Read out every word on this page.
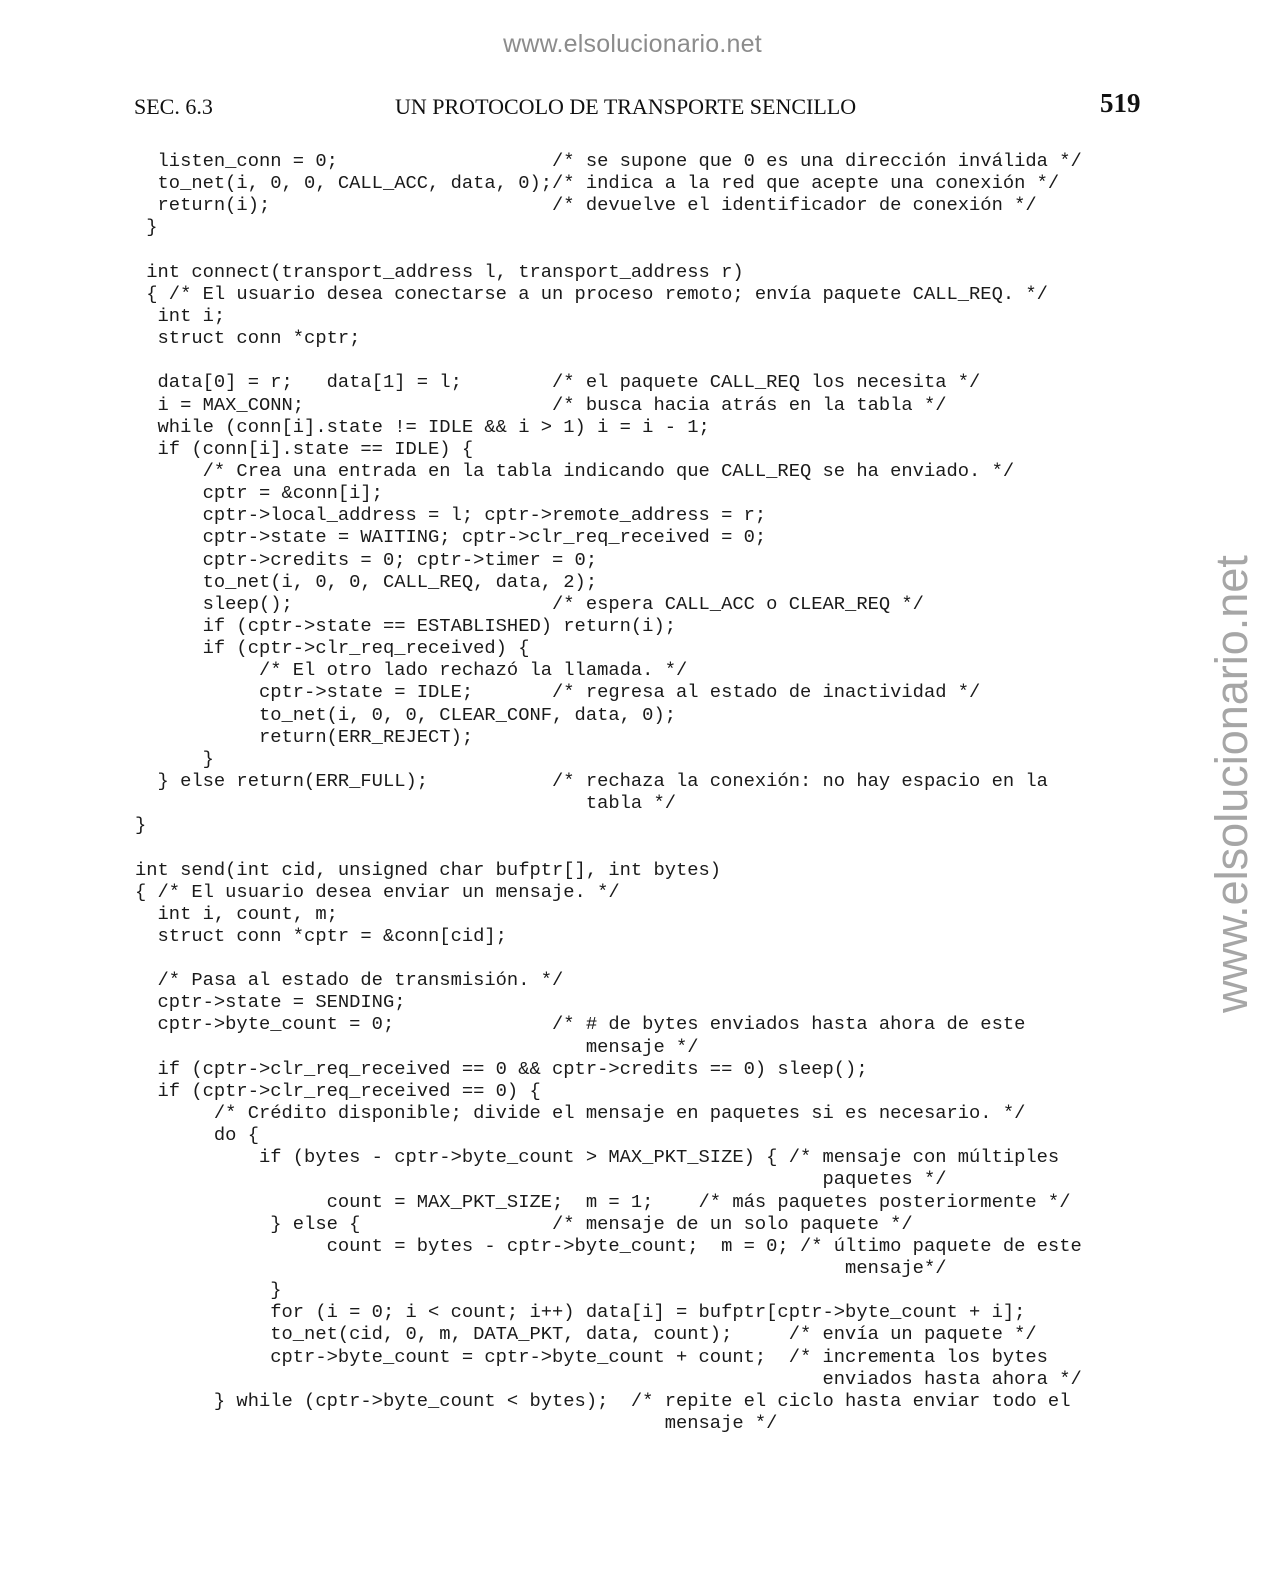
www.elsolucionario.net
www.elsolucionario.net
SEC. 6.3	UN PROTOCOLO DE TRANSPORTE SENCILLO	519
listen_conn = 0;                   /* se supone que 0 es una dirección inválida */
to_net(i, 0, 0, CALL_ACC, data, 0);/* indica a la red que acepte una conexión */
return(i);                         /* devuelve el identificador de conexión */
}
int connect(transport_address l, transport_address r)
{ /* El usuario desea conectarse a un proceso remoto; envía paquete CALL_REQ. */
int i;
struct conn *cptr;
data[0] = r;   data[1] = l;        /* el paquete CALL_REQ los necesita */
i = MAX_CONN;                      /* busca hacia atrás en la tabla */
while (conn[i].state != IDLE && i > 1) i = i - 1;
if (conn[i].state == IDLE) {
/* Crea una entrada en la tabla indicando que CALL_REQ se ha enviado. */
cptr = &conn[i];
cptr->local_address = l; cptr->remote_address = r;
cptr->state = WAITING; cptr->clr_req_received = 0;
cptr->credits = 0; cptr->timer = 0;
to_net(i, 0, 0, CALL_REQ, data, 2);
sleep();                       /* espera CALL_ACC o CLEAR_REQ */
if (cptr->state == ESTABLISHED) return(i);
if (cptr->clr_req_received) {
/* El otro lado rechazó la llamada. */
cptr->state = IDLE;       /* regresa al estado de inactividad */
to_net(i, 0, 0, CLEAR_CONF, data, 0);
return(ERR_REJECT);
}
} else return(ERR_FULL);           /* rechaza la conexión: no hay espacio en la
tabla */
}
int send(int cid, unsigned char bufptr[], int bytes)
{ /* El usuario desea enviar un mensaje. */
int i, count, m;
struct conn *cptr = &conn[cid];
/* Pasa al estado de transmisión. */
cptr->state = SENDING;
cptr->byte_count = 0;              /* # de bytes enviados hasta ahora de este
mensaje */
if (cptr->clr_req_received == 0 && cptr->credits == 0) sleep();
if (cptr->clr_req_received == 0) {
/* Crédito disponible; divide el mensaje en paquetes si es necesario. */
do {
if (bytes - cptr->byte_count > MAX_PKT_SIZE) { /* mensaje con múltiples
paquetes */
count = MAX_PKT_SIZE;  m = 1;    /* más paquetes posteriormente */
} else {                 /* mensaje de un solo paquete */
count = bytes - cptr->byte_count;  m = 0; /* último paquete de este
mensaje*/
}
for (i = 0; i < count; i++) data[i] = bufptr[cptr->byte_count + i];
to_net(cid, 0, m, DATA_PKT, data, count);     /* envía un paquete */
cptr->byte_count = cptr->byte_count + count;  /* incrementa los bytes
enviados hasta ahora */
} while (cptr->byte_count < bytes);  /* repite el ciclo hasta enviar todo el
mensaje */
